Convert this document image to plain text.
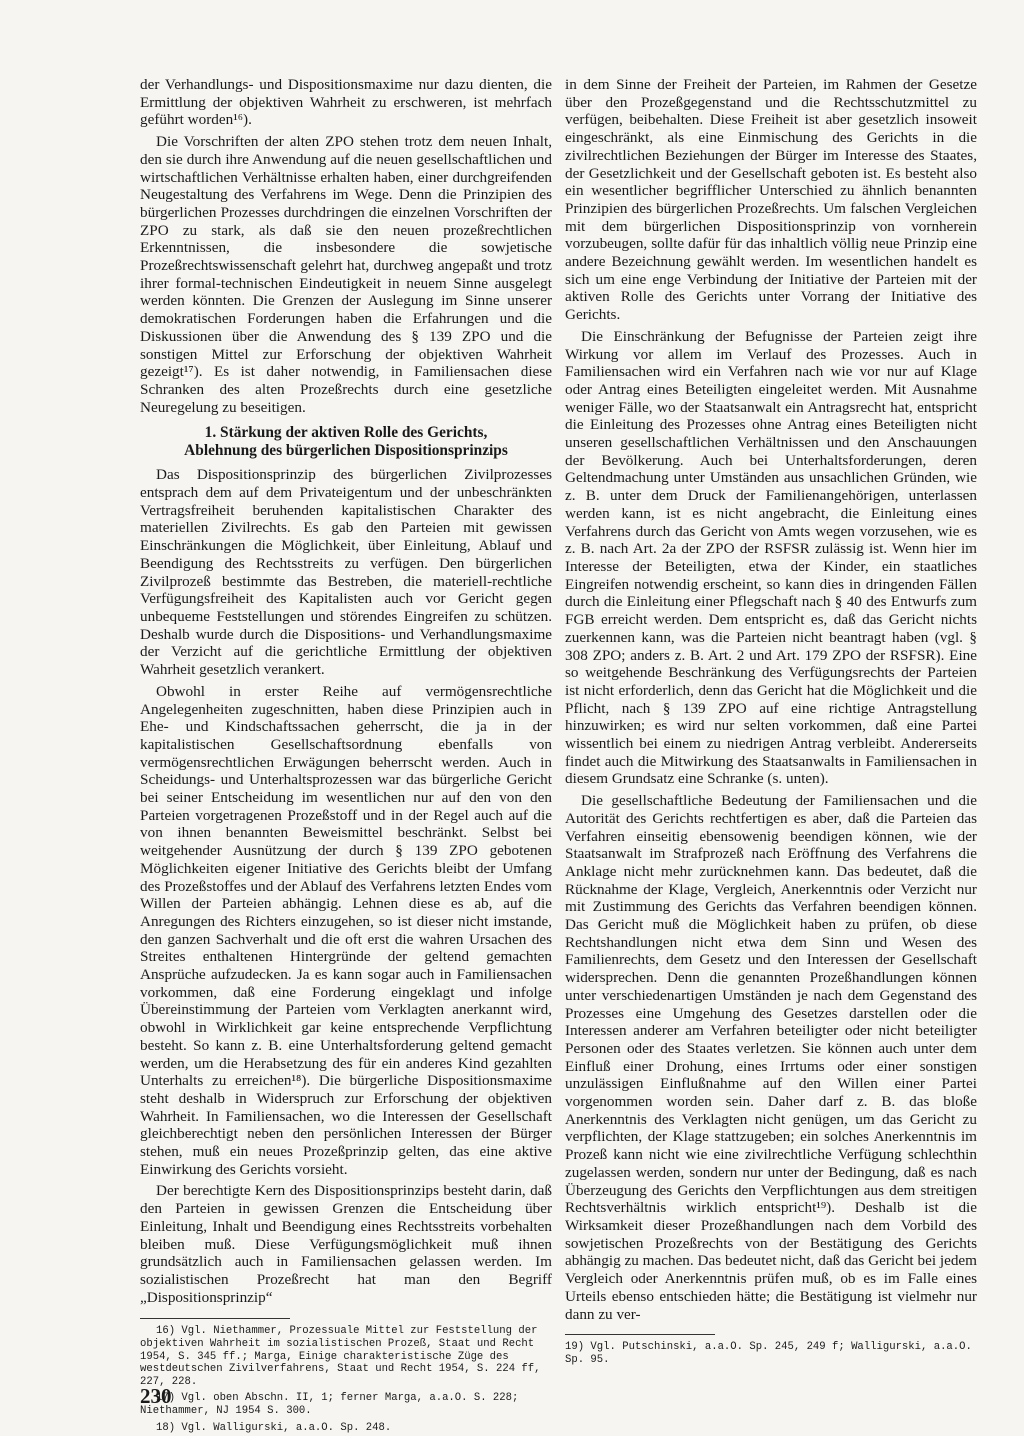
der Verhandlungs- und Dispositionsmaxime nur dazu dienten, die Ermittlung der objektiven Wahrheit zu erschweren, ist mehrfach geführt worden¹⁶).

Die Vorschriften der alten ZPO stehen trotz dem neuen Inhalt, den sie durch ihre Anwendung auf die neuen gesellschaftlichen und wirtschaftlichen Verhältnisse erhalten haben, einer durchgreifenden Neugestaltung des Verfahrens im Wege. Denn die Prinzipien des bürgerlichen Prozesses durchdringen die einzelnen Vorschriften der ZPO zu stark, als daß sie den neuen prozeßrechtlichen Erkenntnissen, die insbesondere die sowjetische Prozeßrechtswissenschaft gelehrt hat, durchweg angepaßt und trotz ihrer formal-technischen Eindeutigkeit in neuem Sinne ausgelegt werden könnten. Die Grenzen der Auslegung im Sinne unserer demokratischen Forderungen haben die Erfahrungen und die Diskussionen über die Anwendung des § 139 ZPO und die sonstigen Mittel zur Erforschung der objektiven Wahrheit gezeigt¹⁷). Es ist daher notwendig, in Familiensachen diese Schranken des alten Prozeßrechts durch eine gesetzliche Neuregelung zu beseitigen.

1. Stärkung der aktiven Rolle des Gerichts,
Ablehnung des bürgerlichen Dispositionsprinzips

Das Dispositionsprinzip des bürgerlichen Zivilprozesses entsprach dem auf dem Privateigentum und der unbeschränkten Vertragsfreiheit beruhenden kapitalistischen Charakter des materiellen Zivilrechts. Es gab den Parteien mit gewissen Einschränkungen die Möglichkeit, über Einleitung, Ablauf und Beendigung des Rechtsstreits zu verfügen. Den bürgerlichen Zivilprozeß bestimmte das Bestreben, die materiell-rechtliche Verfügungsfreiheit des Kapitalisten auch vor Gericht gegen unbequeme Feststellungen und störendes Eingreifen zu schützen. Deshalb wurde durch die Dispositions- und Verhandlungsmaxime der Verzicht auf die gerichtliche Ermittlung der objektiven Wahrheit gesetzlich verankert.

Obwohl in erster Reihe auf vermögensrechtliche Angelegenheiten zugeschnitten, haben diese Prinzipien auch in Ehe- und Kindschaftssachen geherrscht, die ja in der kapitalistischen Gesellschaftsordnung ebenfalls von vermögensrechtlichen Erwägungen beherrscht werden. Auch in Scheidungs- und Unterhaltsprozessen war das bürgerliche Gericht bei seiner Entscheidung im wesentlichen nur auf den von den Parteien vorgetragenen Prozeßstoff und in der Regel auch auf die von ihnen benannten Beweismittel beschränkt. Selbst bei weitgehender Ausnützung der durch § 139 ZPO gebotenen Möglichkeiten eigener Initiative des Gerichts bleibt der Umfang des Prozeßstoffes und der Ablauf des Verfahrens letzten Endes vom Willen der Parteien abhängig. Lehnen diese es ab, auf die Anregungen des Richters einzugehen, so ist dieser nicht imstande, den ganzen Sachverhalt und die oft erst die wahren Ursachen des Streites enthaltenen Hintergründe der geltend gemachten Ansprüche aufzudecken. Ja es kann sogar auch in Familiensachen vorkommen, daß eine Forderung eingeklagt und infolge Übereinstimmung der Parteien vom Verklagten anerkannt wird, obwohl in Wirklichkeit gar keine entsprechende Verpflichtung besteht. So kann z. B. eine Unterhaltsforderung geltend gemacht werden, um die Herabsetzung des für ein anderes Kind gezahlten Unterhalts zu erreichen¹⁸). Die bürgerliche Dispositionsmaxime steht deshalb in Widerspruch zur Erforschung der objektiven Wahrheit. In Familiensachen, wo die Interessen der Gesellschaft gleichberechtigt neben den persönlichen Interessen der Bürger stehen, muß ein neues Prozeßprinzip gelten, das eine aktive Einwirkung des Gerichts vorsieht.

Der berechtigte Kern des Dispositionsprinzips besteht darin, daß den Parteien in gewissen Grenzen die Entscheidung über Einleitung, Inhalt und Beendigung eines Rechtsstreits vorbehalten bleiben muß. Diese Verfügungsmöglichkeit muß ihnen grundsätzlich auch in Familiensachen gelassen werden. Im sozialistischen Prozeßrecht hat man den Begriff „Dispositionsprinzip“

16) Vgl. Niethammer, Prozessuale Mittel zur Feststellung der objektiven Wahrheit im sozialistischen Prozeß, Staat und Recht 1954, S. 345 ff.; Marga, Einige charakteristische Züge des westdeutschen Zivilverfahrens, Staat und Recht 1954, S. 224 ff, 227, 228.

17) Vgl. oben Abschn. II, 1; ferner Marga, a.a.O. S. 228; Niethammer, NJ 1954 S. 300.

18) Vgl. Walligurski, a.a.O. Sp. 248.

in dem Sinne der Freiheit der Parteien, im Rahmen der Gesetze über den Prozeßgegenstand und die Rechtsschutzmittel zu verfügen, beibehalten. Diese Freiheit ist aber gesetzlich insoweit eingeschränkt, als eine Einmischung des Gerichts in die zivilrechtlichen Beziehungen der Bürger im Interesse des Staates, der Gesetzlichkeit und der Gesellschaft geboten ist. Es besteht also ein wesentlicher begrifflicher Unterschied zu ähnlich benannten Prinzipien des bürgerlichen Prozeßrechts. Um falschen Vergleichen mit dem bürgerlichen Dispositionsprinzip von vornherein vorzubeugen, sollte dafür für das inhaltlich völlig neue Prinzip eine andere Bezeichnung gewählt werden. Im wesentlichen handelt es sich um eine enge Verbindung der Initiative der Parteien mit der aktiven Rolle des Gerichts unter Vorrang der Initiative des Gerichts.

Die Einschränkung der Befugnisse der Parteien zeigt ihre Wirkung vor allem im Verlauf des Prozesses. Auch in Familiensachen wird ein Verfahren nach wie vor nur auf Klage oder Antrag eines Beteiligten eingeleitet werden. Mit Ausnahme weniger Fälle, wo der Staatsanwalt ein Antragsrecht hat, entspricht die Einleitung des Prozesses ohne Antrag eines Beteiligten nicht unseren gesellschaftlichen Verhältnissen und den Anschauungen der Bevölkerung. Auch bei Unterhaltsforderungen, deren Geltendmachung unter Umständen aus unsachlichen Gründen, wie z. B. unter dem Druck der Familienangehörigen, unterlassen werden kann, ist es nicht angebracht, die Einleitung eines Verfahrens durch das Gericht von Amts wegen vorzusehen, wie es z. B. nach Art. 2a der ZPO der RSFSR zulässig ist. Wenn hier im Interesse der Beteiligten, etwa der Kinder, ein staatliches Eingreifen notwendig erscheint, so kann dies in dringenden Fällen durch die Einleitung einer Pflegschaft nach § 40 des Entwurfs zum FGB erreicht werden. Dem entspricht es, daß das Gericht nichts zuerkennen kann, was die Parteien nicht beantragt haben (vgl. § 308 ZPO; anders z. B. Art. 2 und Art. 179 ZPO der RSFSR). Eine so weitgehende Beschränkung des Verfügungsrechts der Parteien ist nicht erforderlich, denn das Gericht hat die Möglichkeit und die Pflicht, nach § 139 ZPO auf eine richtige Antragstellung hinzuwirken; es wird nur selten vorkommen, daß eine Partei wissentlich bei einem zu niedrigen Antrag verbleibt. Andererseits findet auch die Mitwirkung des Staatsanwalts in Familiensachen in diesem Grundsatz eine Schranke (s. unten).

Die gesellschaftliche Bedeutung der Familiensachen und die Autorität des Gerichts rechtfertigen es aber, daß die Parteien das Verfahren einseitig ebensowenig beendigen können, wie der Staatsanwalt im Strafprozeß nach Eröffnung des Verfahrens die Anklage nicht mehr zurücknehmen kann. Das bedeutet, daß die Rücknahme der Klage, Vergleich, Anerkenntnis oder Verzicht nur mit Zustimmung des Gerichts das Verfahren beendigen können. Das Gericht muß die Möglichkeit haben zu prüfen, ob diese Rechtshandlungen nicht etwa dem Sinn und Wesen des Familienrechts, dem Gesetz und den Interessen der Gesellschaft widersprechen. Denn die genannten Prozeßhandlungen können unter verschiedenartigen Umständen je nach dem Gegenstand des Prozesses eine Umgehung des Gesetzes darstellen oder die Interessen anderer am Verfahren beteiligter oder nicht beteiligter Personen oder des Staates verletzen. Sie können auch unter dem Einfluß einer Drohung, eines Irrtums oder einer sonstigen unzulässigen Einflußnahme auf den Willen einer Partei vorgenommen worden sein. Daher darf z. B. das bloße Anerkenntnis des Verklagten nicht genügen, um das Gericht zu verpflichten, der Klage stattzugeben; ein solches Anerkenntnis im Prozeß kann nicht wie eine zivilrechtliche Verfügung schlechthin zugelassen werden, sondern nur unter der Bedingung, daß es nach Überzeugung des Gerichts den Verpflichtungen aus dem streitigen Rechtsverhältnis wirklich entspricht¹⁹). Deshalb ist die Wirksamkeit dieser Prozeßhandlungen nach dem Vorbild des sowjetischen Prozeßrechts von der Bestätigung des Gerichts abhängig zu machen. Das bedeutet nicht, daß das Gericht bei jedem Vergleich oder Anerkenntnis prüfen muß, ob es im Falle eines Urteils ebenso entschieden hätte; die Bestätigung ist vielmehr nur dann zu ver-

19) Vgl. Putschinski, a.a.O. Sp. 245, 249 f; Walligurski, a.a.O. Sp. 95.

230
